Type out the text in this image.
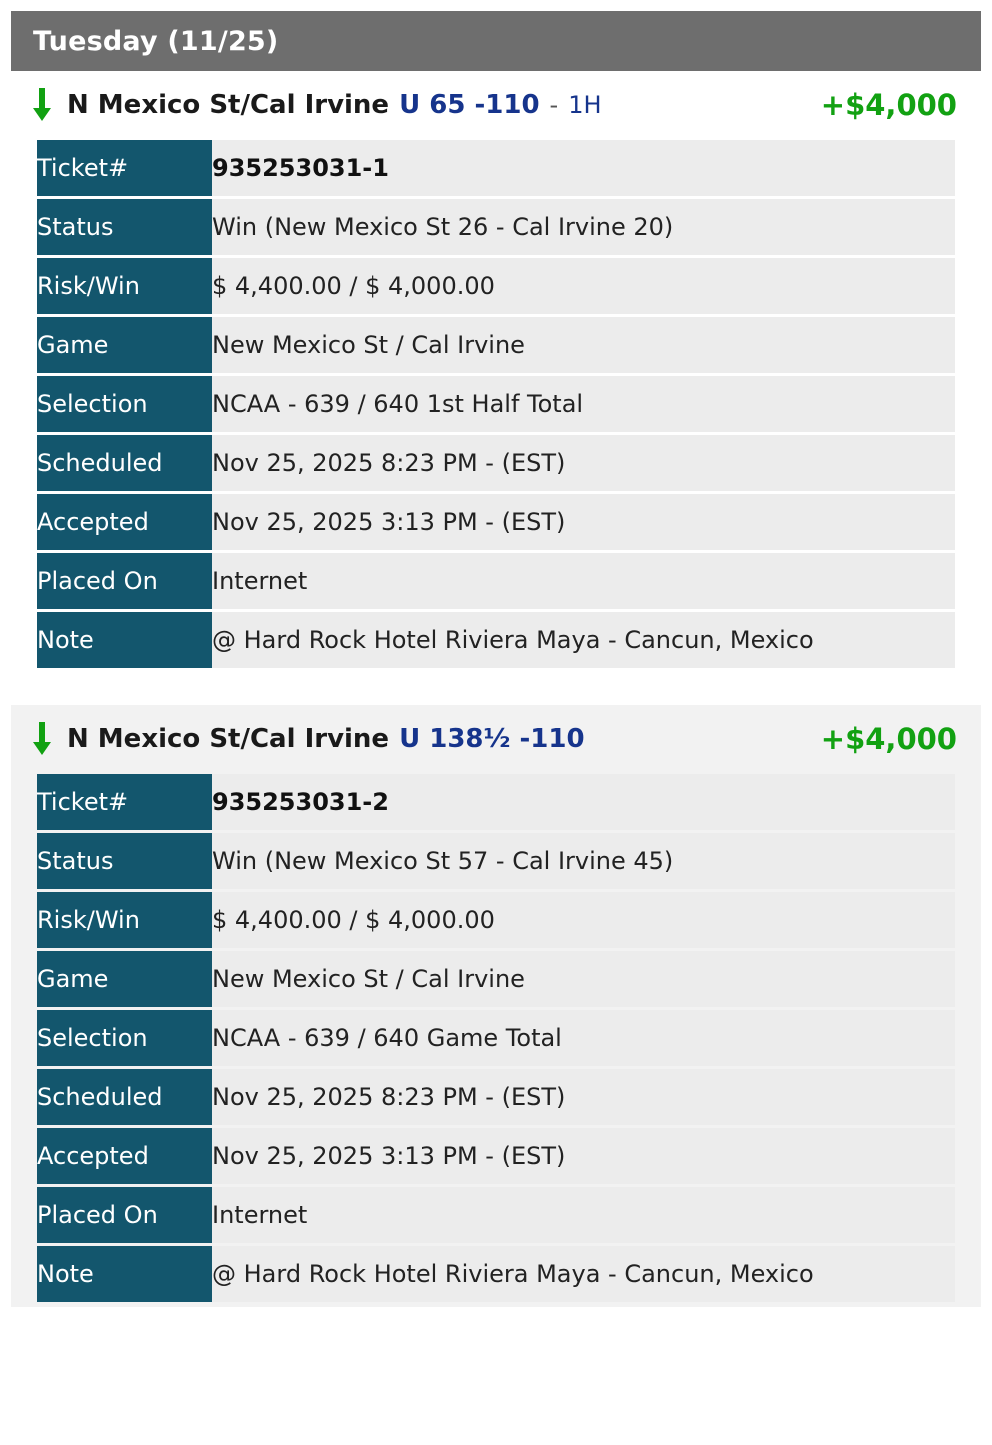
Tuesday (11/25)
N Mexico St/Cal Irvine U 65 -110 - 1H	+$4,000
Ticket#	935253031-1
Status	Win (New Mexico St 26 - Cal Irvine 20)
Risk/Win	$ 4,400.00 / $ 4,000.00
Game	New Mexico St / Cal Irvine
Selection	NCAA - 639 / 640 1st Half Total
Scheduled	Nov 25, 2025 8:23 PM - (EST)
Accepted	Nov 25, 2025 3:13 PM - (EST)
Placed On	Internet
Note	@ Hard Rock Hotel Riviera Maya - Cancun, Mexico
N Mexico St/Cal Irvine U 138½ -110	+$4,000
Ticket#	935253031-2
Status	Win (New Mexico St 57 - Cal Irvine 45)
Risk/Win	$ 4,400.00 / $ 4,000.00
Game	New Mexico St / Cal Irvine
Selection	NCAA - 639 / 640 Game Total
Scheduled	Nov 25, 2025 8:23 PM - (EST)
Accepted	Nov 25, 2025 3:13 PM - (EST)
Placed On	Internet
Note	@ Hard Rock Hotel Riviera Maya - Cancun, Mexico
